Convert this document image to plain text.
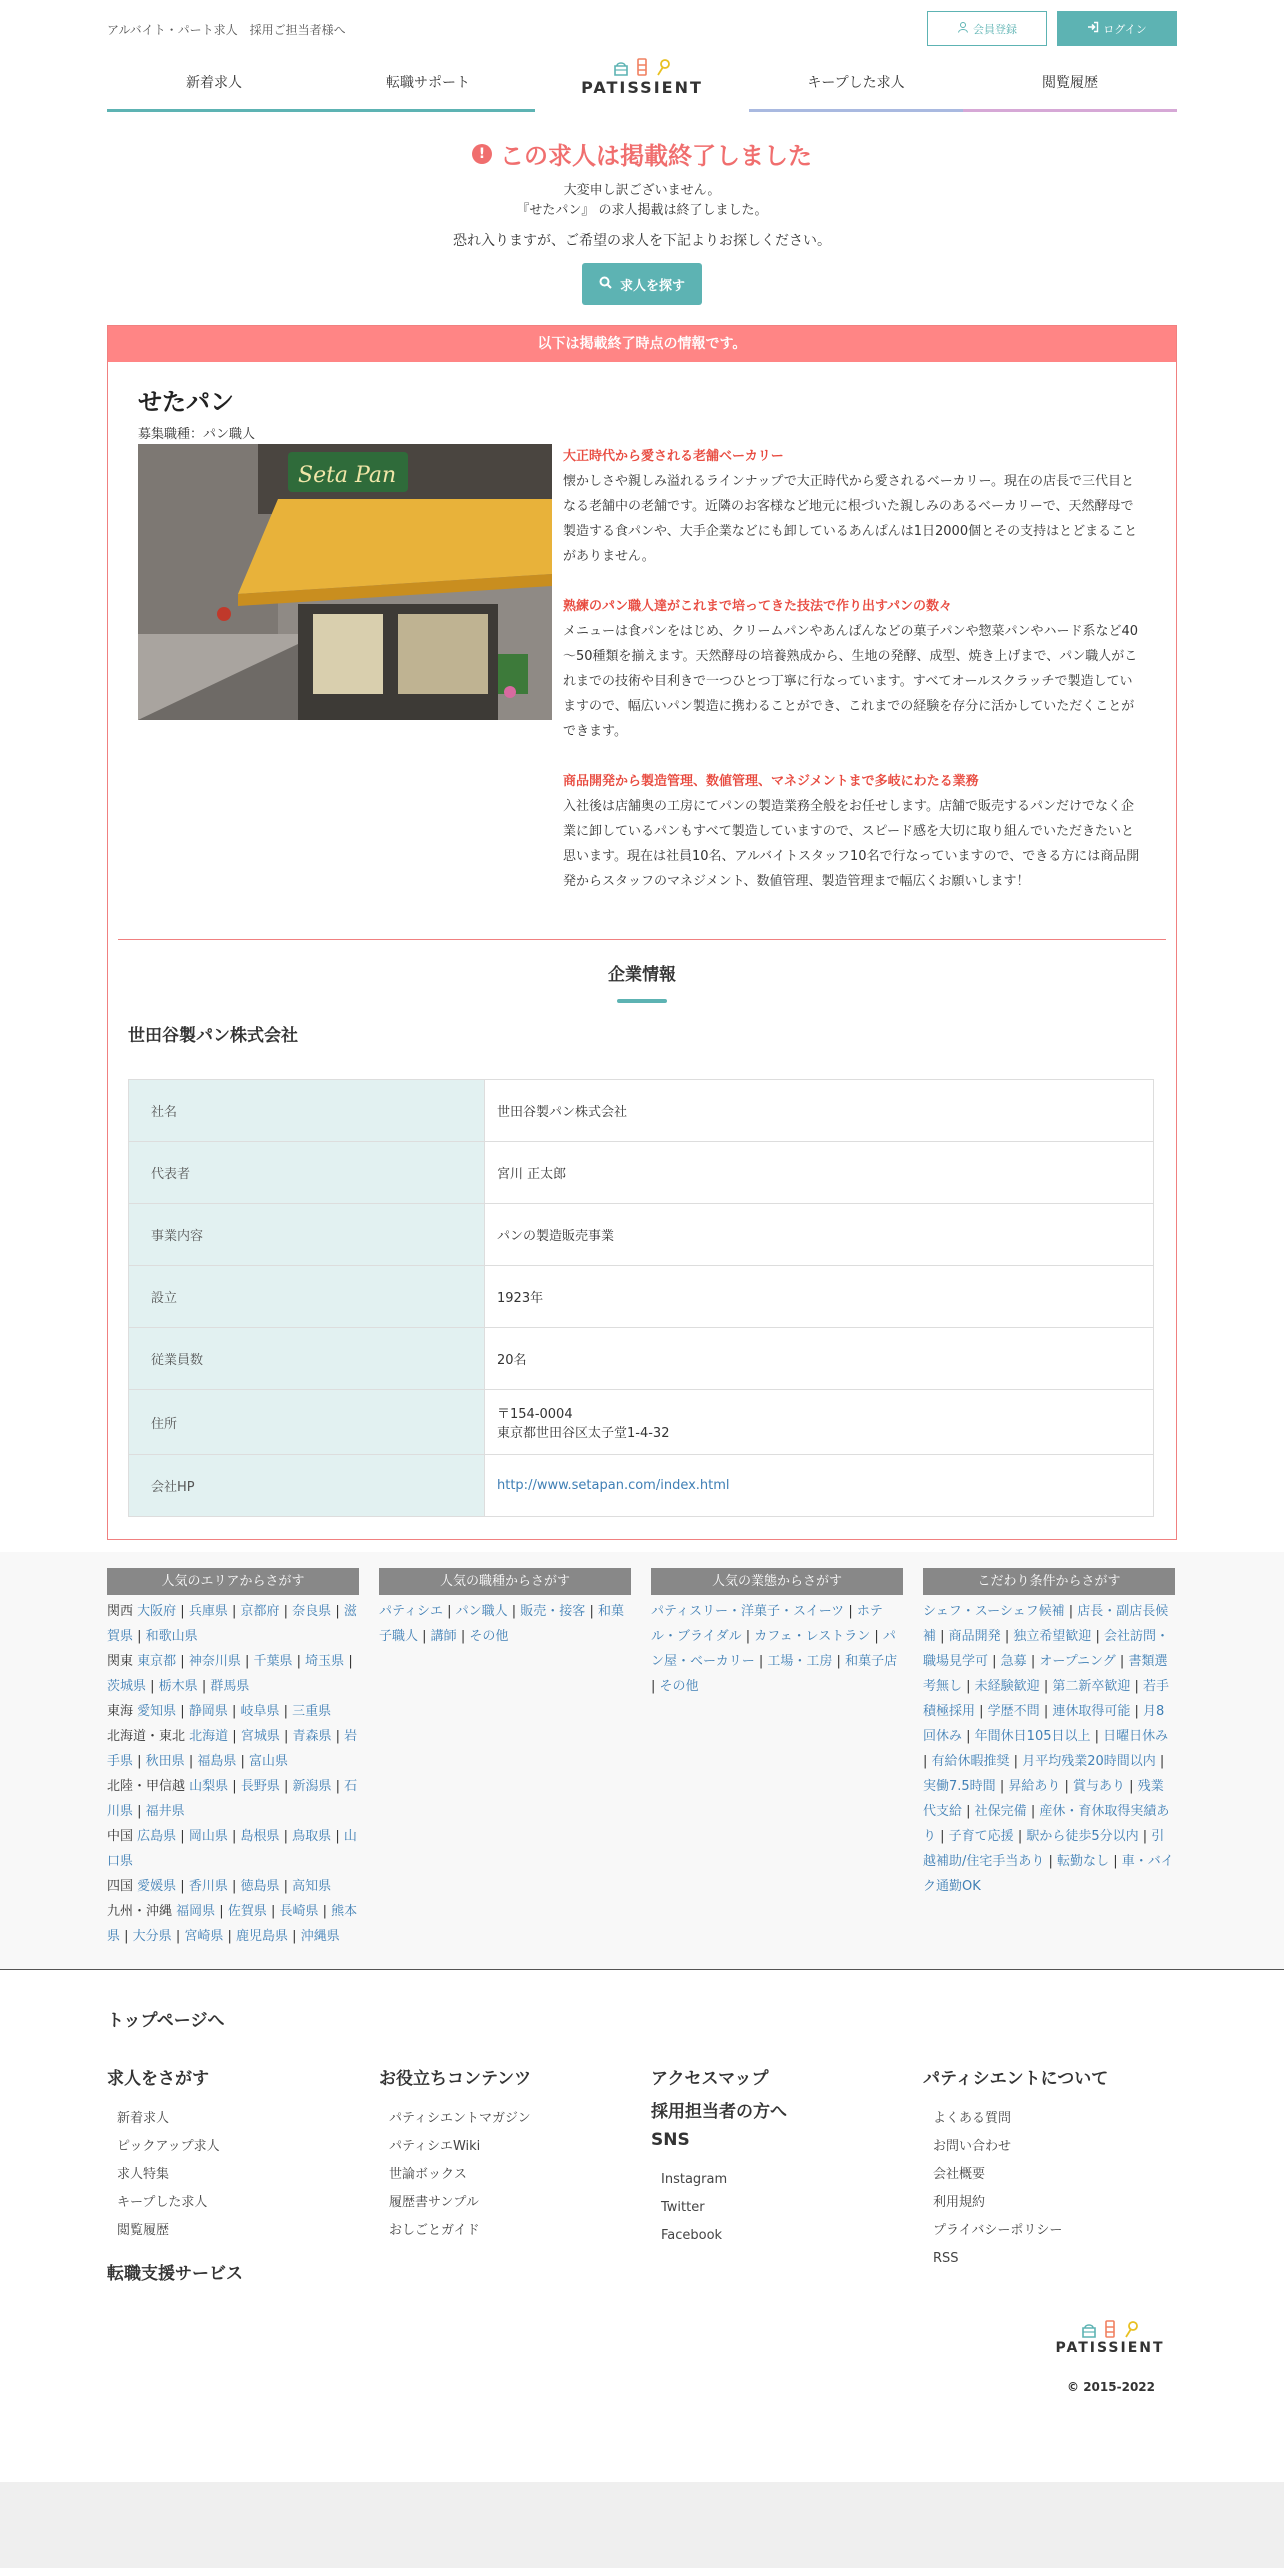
アルバイト・パート求人　採用ご担当者様へ	会員登録	ログイン
新着求人	転職サポート	PATISSIENT	キープした求人	閲覧履歴
! この求人は掲載終了しました

大変申し訳ございません。

『せたパン』 の求人掲載は終了しました。

恐れ入りますが、ご希望の求人を下記よりお探しください。

求人を探す
以下は掲載終了時点の情報です。
せたパン
募集職種：パン職人
Seta Pan
大正時代から愛される老舗ベーカリー

懐かしさや親しみ溢れるラインナップで大正時代から愛されるベーカリー。現在の店長で三代目となる老舗中の老舗です。近隣のお客様など地元に根づいた親しみのあるベーカリーで、天然酵母で製造する食パンや、大手企業などにも卸しているあんぱんは1日2000個とその支持はとどまることがありません。

熟練のパン職人達がこれまで培ってきた技法で作り出すパンの数々

メニューは食パンをはじめ、クリームパンやあんぱんなどの菓子パンや惣菜パンやハード系など40～50種類を揃えます。天然酵母の培養熟成から、生地の発酵、成型、焼き上げまで、パン職人がこれまでの技術や目利きで一つひとつ丁寧に行なっています。すべてオールスクラッチで製造していますので、幅広いパン製造に携わることができ、これまでの経験を存分に活かしていただくことができます。

商品開発から製造管理、数値管理、マネジメントまで多岐にわたる業務

入社後は店舗奥の工房にてパンの製造業務全般をお任せします。店舗で販売するパンだけでなく企業に卸しているパンもすべて製造していますので、スピード感を大切に取り組んでいただきたいと思います。現在は社員10名、アルバイトスタッフ10名で行なっていますので、できる方には商品開発からスタッフのマネジメント、数値管理、製造管理まで幅広くお願いします！

企業情報
世田谷製パン株式会社
社名	世田谷製パン株式会社
代表者	宮川 正太郎
事業内容	パンの製造販売事業
設立	1923年
従業員数	20名
住所	〒154-0004
東京都世田谷区太子堂1-4-32

会社HP	http://www.setapan.com/index.html
人気のエリアからさがす
関西 大阪府 | 兵庫県 | 京都府 | 奈良県 | 滋賀県 | 和歌山県
関東 東京都 | 神奈川県 | 千葉県 | 埼玉県 | 茨城県 | 栃木県 | 群馬県
東海 愛知県 | 静岡県 | 岐阜県 | 三重県
北海道・東北 北海道 | 宮城県 | 青森県 | 岩手県 | 秋田県 | 福島県 | 富山県
北陸・甲信越 山梨県 | 長野県 | 新潟県 | 石川県 | 福井県
中国 広島県 | 岡山県 | 島根県 | 鳥取県 | 山口県
四国 愛媛県 | 香川県 | 徳島県 | 高知県
九州・沖縄 福岡県 | 佐賀県 | 長崎県 | 熊本県 | 大分県 | 宮崎県 | 鹿児島県 | 沖縄県
人気の職種からさがす
パティシエ | パン職人 | 販売・接客 | 和菓子職人 | 講師 | その他
人気の業態からさがす
パティスリー・洋菓子・スイーツ | ホテル・ブライダル | カフェ・レストラン | パン屋・ベーカリー | 工場・工房 | 和菓子店 | その他
こだわり条件からさがす
シェフ・スーシェフ候補 | 店長・副店長候補 | 商品開発 | 独立希望歓迎 | 会社訪問・職場見学可 | 急募 | オープニング | 書類選考無し | 未経験歓迎 | 第二新卒歓迎 | 若手積極採用 | 学歴不問 | 連休取得可能 | 月8回休み | 年間休日105日以上 | 日曜日休み | 有給休暇推奨 | 月平均残業20時間以内 | 実働7.5時間 | 昇給あり | 賞与あり | 残業代支給 | 社保完備 | 産休・育休取得実績あり | 子育て応援 | 駅から徒歩5分以内 | 引越補助/住宅手当あり | 転勤なし | 車・バイク通勤OK
トップページへ
求人をさがす
新着求人
ピックアップ求人
求人特集
キープした求人
閲覧履歴
転職支援サービス
お役立ちコンテンツ
パティシエントマガジン
パティシエWiki
世論ボックス
履歴書サンプル
おしごとガイド
アクセスマップ
採用担当者の方へ
SNS
Instagram
Twitter
Facebook
パティシエントについて
よくある質問
お問い合わせ
会社概要
利用規約
プライバシーポリシー
RSS
PATISSIENT
© 2015-2022
